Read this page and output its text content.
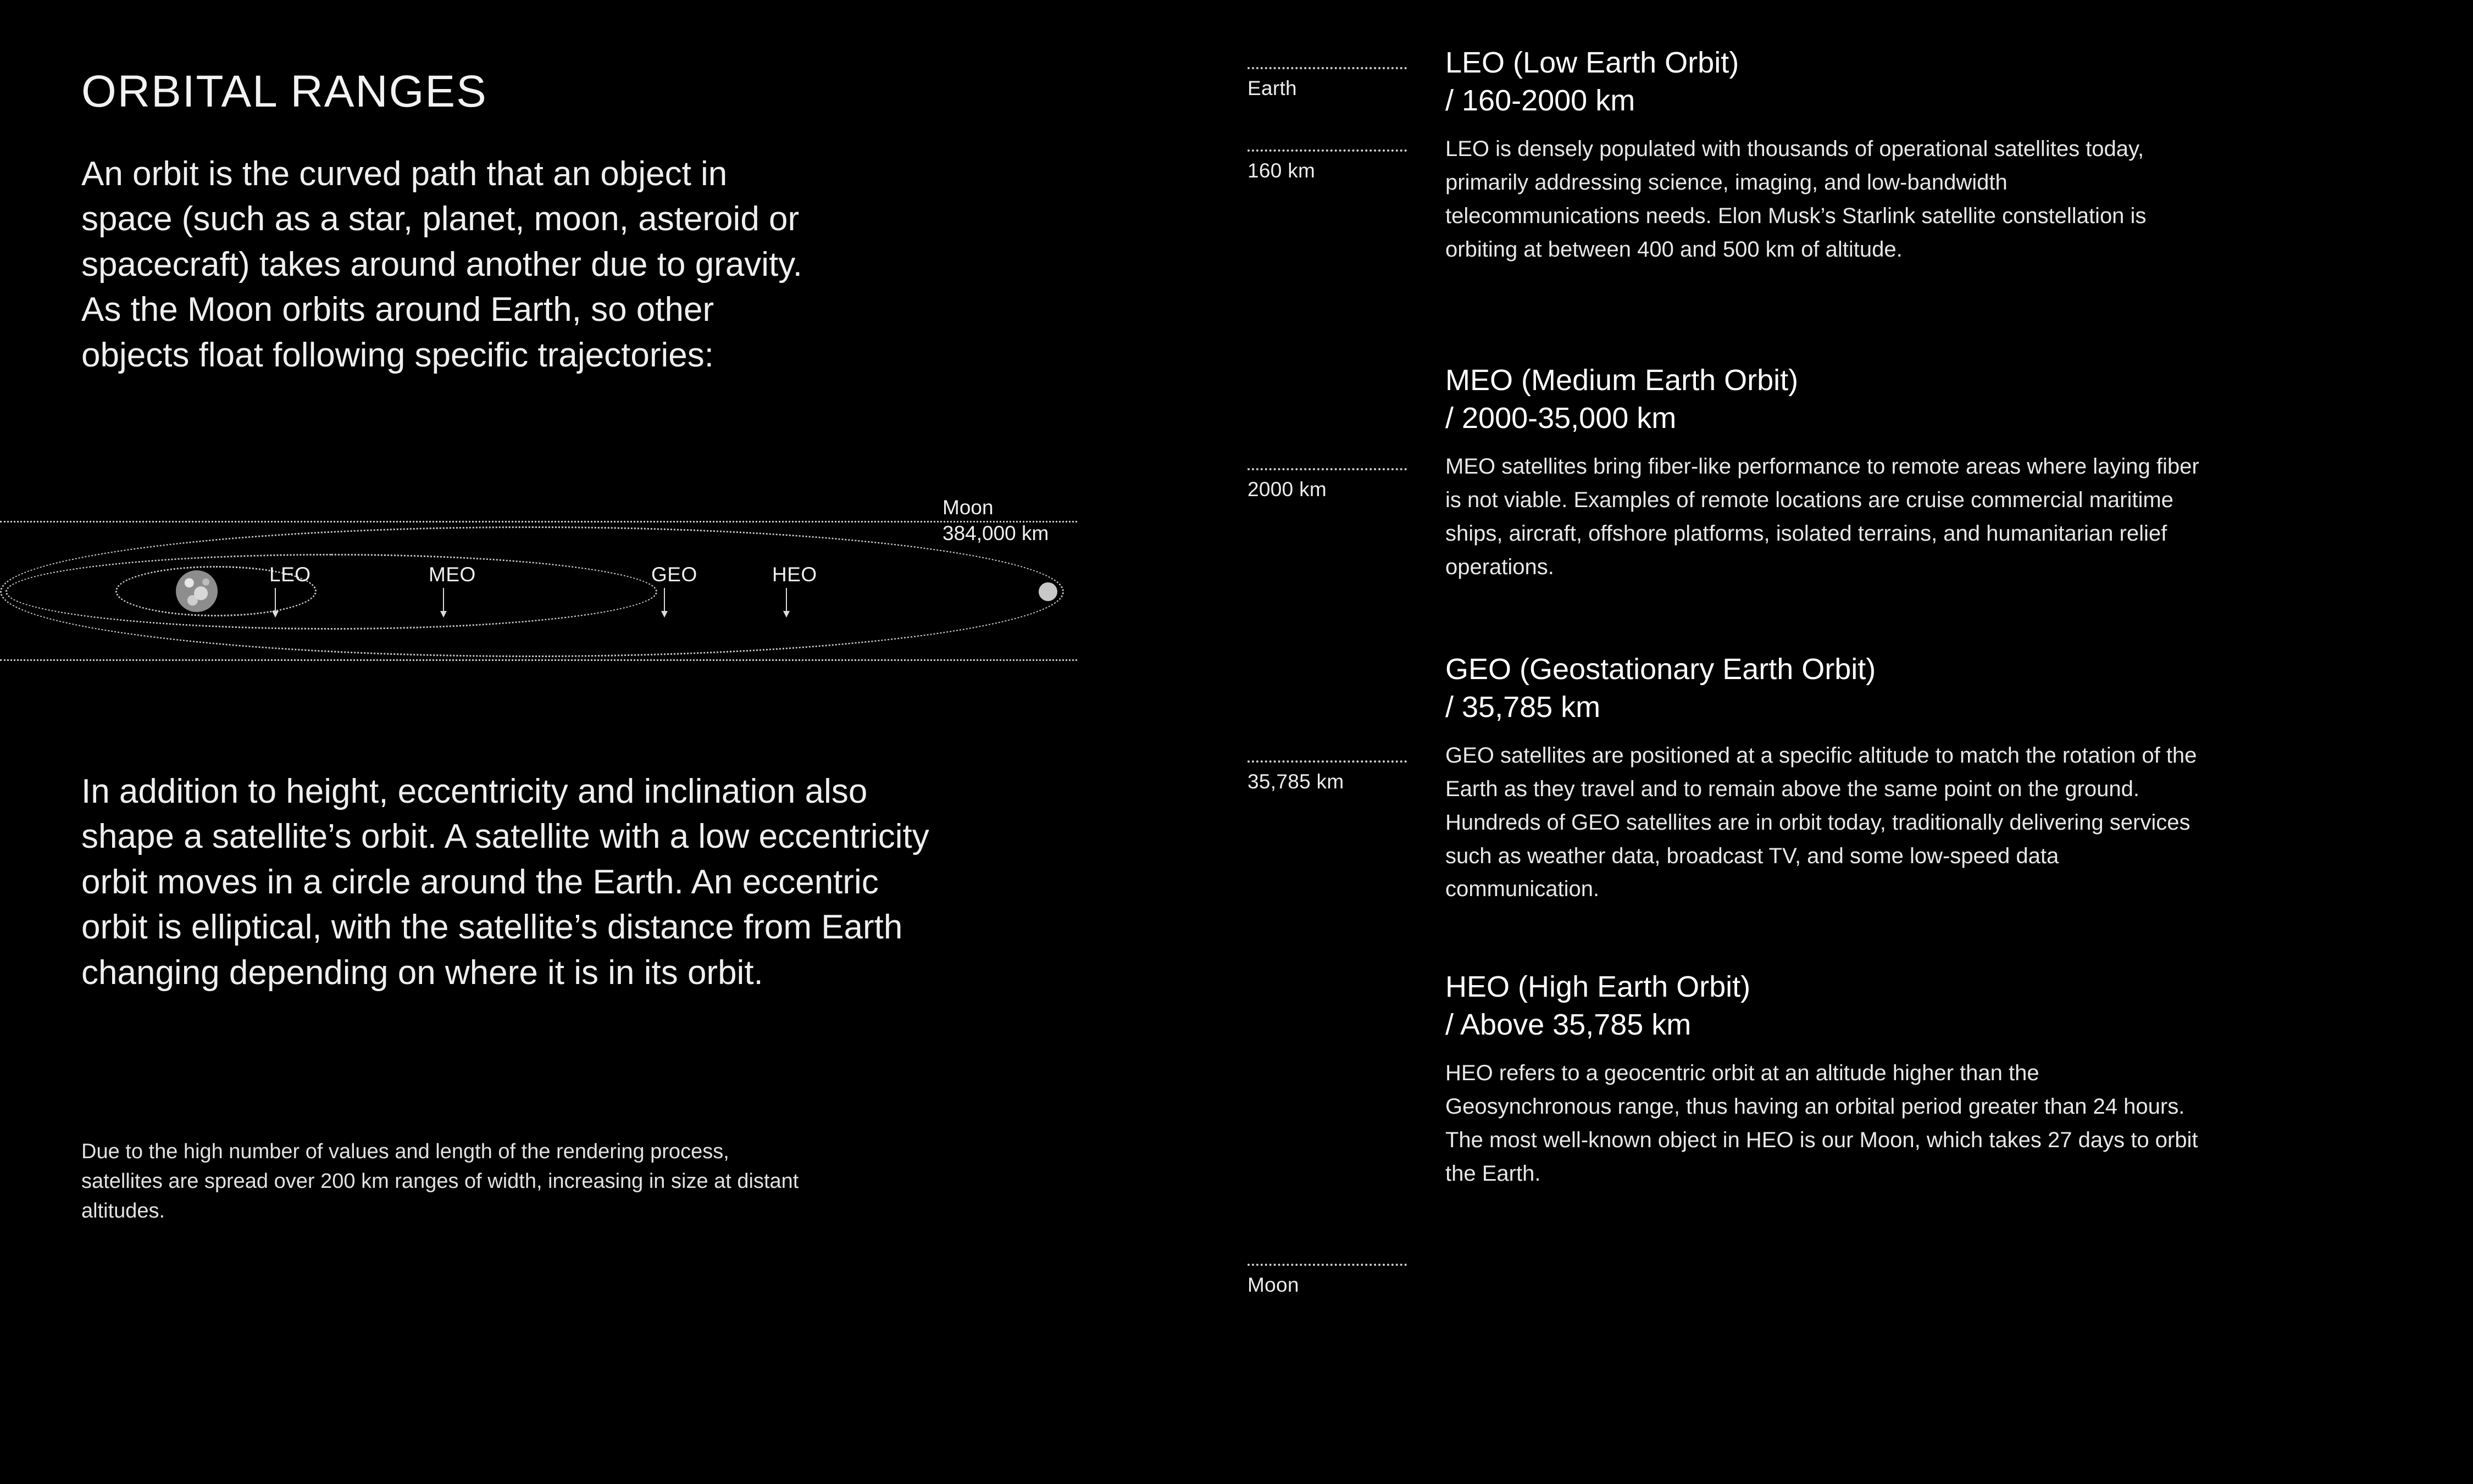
ORBITAL RANGES

An orbit is the curved path that an object in space (such as a star, planet, moon, asteroid or spacecraft) takes around another due to gravity. As the Moon orbits around Earth, so other objects float following specific trajectories:

LEO	MEO	GEO	HEO
Moon
384,000 km

In addition to height, eccentricity and inclination also shape a satellite’s orbit. A satellite with a low eccentricity orbit moves in a circle around the Earth. An eccentric orbit is elliptical, with the satellite’s distance from Earth changing depending on where it is in its orbit.

Due to the high number of values and length of the rendering process, satellites are spread over 200 km ranges of width, increasing in size at distant altitudes.
Earth
160 km
2000 km
35,785 km
Moon
LEO (Low Earth Orbit)
/ 160-2000 km

LEO is densely populated with thousands of operational satellites today, primarily addressing science, imaging, and low-bandwidth telecommunications needs. Elon Musk’s Starlink satellite constellation is orbiting at between 400 and 500 km of altitude.

MEO (Medium Earth Orbit)
/ 2000-35,000 km

MEO satellites bring fiber-like performance to remote areas where laying fiber is not viable. Examples of remote locations are cruise commercial maritime ships, aircraft, offshore platforms, isolated terrains, and humanitarian relief operations.

GEO (Geostationary Earth Orbit)
/ 35,785 km

GEO satellites are positioned at a specific altitude to match the rotation of the Earth as they travel and to remain above the same point on the ground. Hundreds of GEO satellites are in orbit today, traditionally delivering services such as weather data, broadcast TV, and some low-speed data communication.

HEO (High Earth Orbit)
/ Above 35,785 km

HEO refers to a geocentric orbit at an altitude higher than the Geosynchronous range, thus having an orbital period greater than 24 hours. The most well-known object in HEO is our Moon, which takes 27 days to orbit the Earth.
